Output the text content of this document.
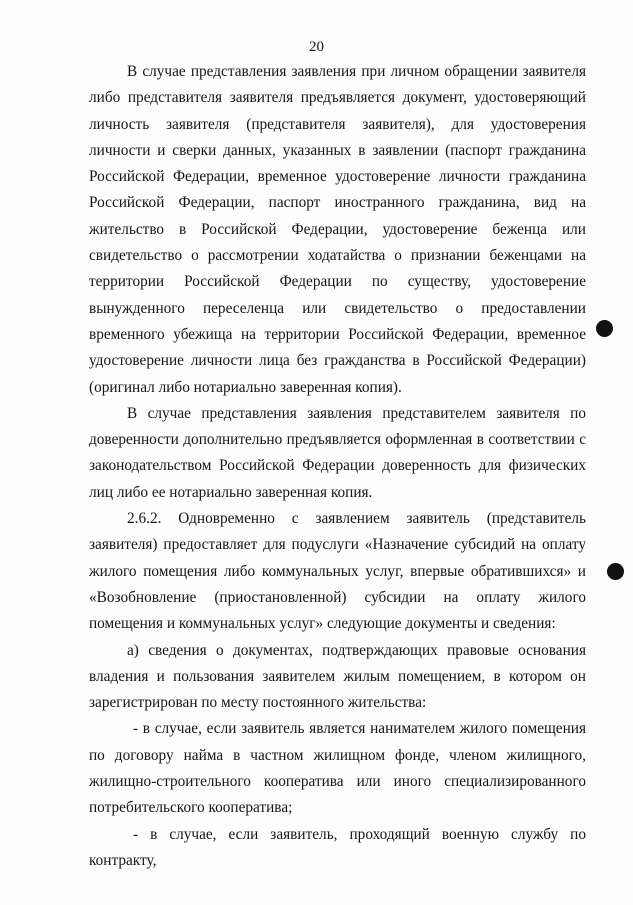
20

В случае представления заявления при личном обращении заявителя либо представителя заявителя предъявляется документ, удостоверяющий личность заявителя (представителя заявителя), для удостоверения личности и сверки данных, указанных в заявлении (паспорт гражданина Российской Федерации, временное удостоверение личности гражданина Российской Федерации, паспорт иностранного гражданина, вид на жительство в Российской Федерации, удостоверение беженца или свидетельство о рассмотрении ходатайства о признании беженцами на территории Российской Федерации по существу, удостоверение вынужденного переселенца или свидетельство о предоставлении временного убежища на территории Российской Федерации, временное удостоверение личности лица без гражданства в Российской Федерации) (оригинал либо нотариально заверенная копия).

В случае представления заявления представителем заявителя по доверенности дополнительно предъявляется оформленная в соответствии с законодательством Российской Федерации доверенность для физических лиц либо ее нотариально заверенная копия.

2.6.2. Одновременно с заявлением заявитель (представитель заявителя) предоставляет для подуслуги «Назначение субсидий на оплату жилого помещения либо коммунальных услуг, впервые обратившихся» и «Возобновление (приостановленной) субсидии на оплату жилого помещения и коммунальных услуг» следующие документы и сведения:

а) сведения о документах, подтверждающих правовые основания владения и пользования заявителем жилым помещением, в котором он зарегистрирован по месту постоянного жительства:

- в случае, если заявитель является нанимателем жилого помещения по договору найма в частном жилищном фонде, членом жилищного, жилищно-строительного кооператива или иного специализированного потребительского кооператива;

- в случае, если заявитель, проходящий военную службу по контракту,
